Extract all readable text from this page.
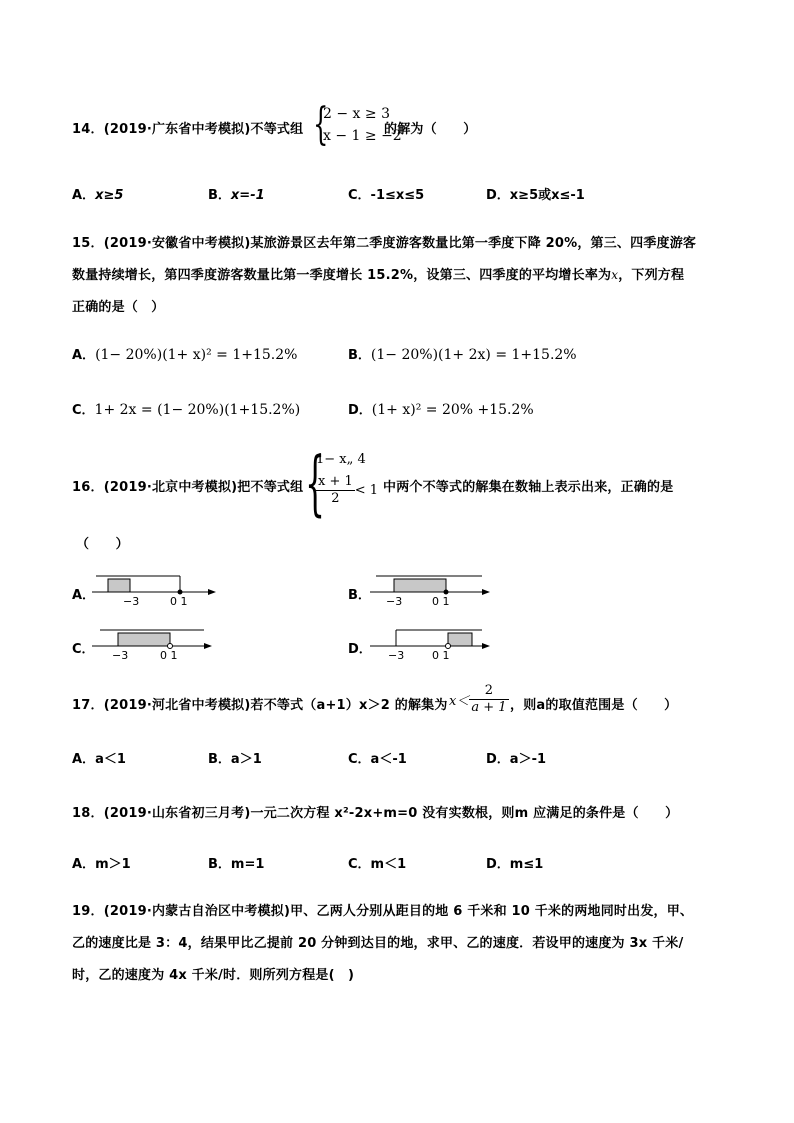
14．(2019·广东省中考模拟)不等式组 {
2 − x ≥ 3
x − 1 ≥ −2
的解为（　　）
A．x≥5	B．x=-1	C．-1≤x≤5	D．x≥5或x≤-1
15．(2019·安徽省中考模拟)某旅游景区去年第二季度游客数量比第一季度下降 20%，第三、四季度游客
数量持续增长，第四季度游客数量比第一季度增长 15.2%，设第三、四季度的平均增长率为x，下列方程
正确的是（　）
A．(1− 20%)(1+ x)² = 1+15.2%	B．(1− 20%)(1+ 2x) = 1+15.2%
C．1+ 2x = (1− 20%)(1+15.2%)	D．(1+ x)² = 20% +15.2%
16．(2019·北京中考模拟)把不等式组 {
1− x„ 4
$\frac{x + 1}{2} < 1$ 中两个不等式的解集在数轴上表示出来，正确的是
（　　）
A．	−3	0 1	B． −3	0 1
C． −3	0 1	D． −3	0 1
17．(2019·河北省中考模拟)若不等式（a+1）x＞2 的解集为 $x< \frac{2}{a + 1}$ ，则a的取值范围是（　　）
A．a＜1	B．a＞1	C．a＜-1	D．a＞-1
18．(2019·山东省初三月考)一元二次方程 x²-2x+m=0 没有实数根，则m 应满足的条件是（　　）
A．m＞1	B．m=1	C．m＜1	D．m≤1
19．(2019·内蒙古自治区中考模拟)甲、乙两人分别从距目的地 6 千米和 10 千米的两地同时出发，甲、
乙的速度比是 3：4，结果甲比乙提前 20 分钟到达目的地，求甲、乙的速度．若设甲的速度为 3x 千米/
时，乙的速度为 4x 千米/时．则所列方程是(　)
